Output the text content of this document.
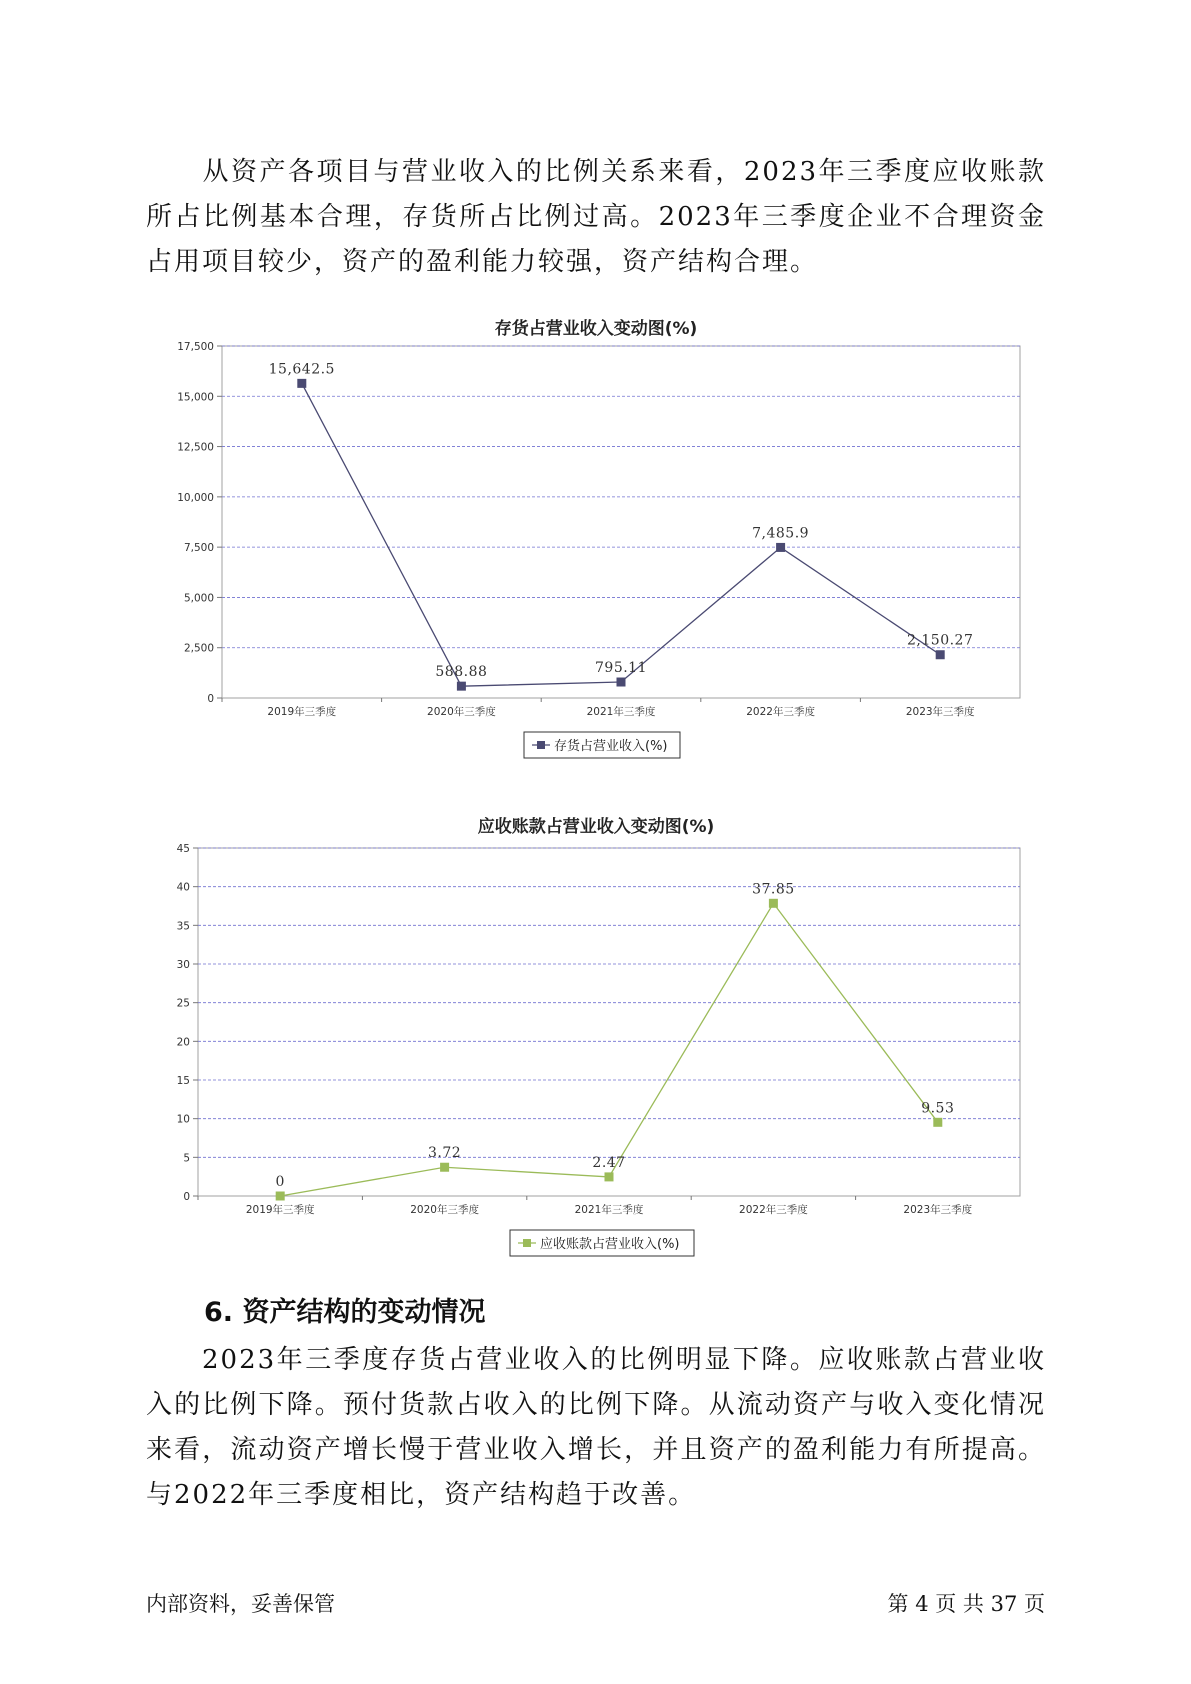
从资产各项目与营业收入的比例关系来看，2023年三季度应收账款所占比例基本合理，存货所占比例过高。2023年三季度企业不合理资金占用项目较少，资产的盈利能力较强，资产结构合理。

存货占营业收入变动图(%)
0
2,500
5,000
7,500
10,000
12,500
15,000
17,500
2019年三季度	2020年三季度	2021年三季度	2022年三季度	2023年三季度
15,642.5
588.88	795.11
7,485.9
2,150.27
存货占营业收入(%)
应收账款占营业收入变动图(%)
0
5
10
15
20
25
30
35
40
45
2019年三季度	2020年三季度	2021年三季度	2022年三季度	2023年三季度
0
3.72
2.47
37.85
9.53
应收账款占营业收入(%)
6. 资产结构的变动情况

2023年三季度存货占营业收入的比例明显下降。应收账款占营业收入的比例下降。预付货款占收入的比例下降。从流动资产与收入变化情况来看，流动资产增长慢于营业收入增长，并且资产的盈利能力有所提高。与2022年三季度相比，资产结构趋于改善。

内部资料，妥善保管	第 4 页 共 37 页
